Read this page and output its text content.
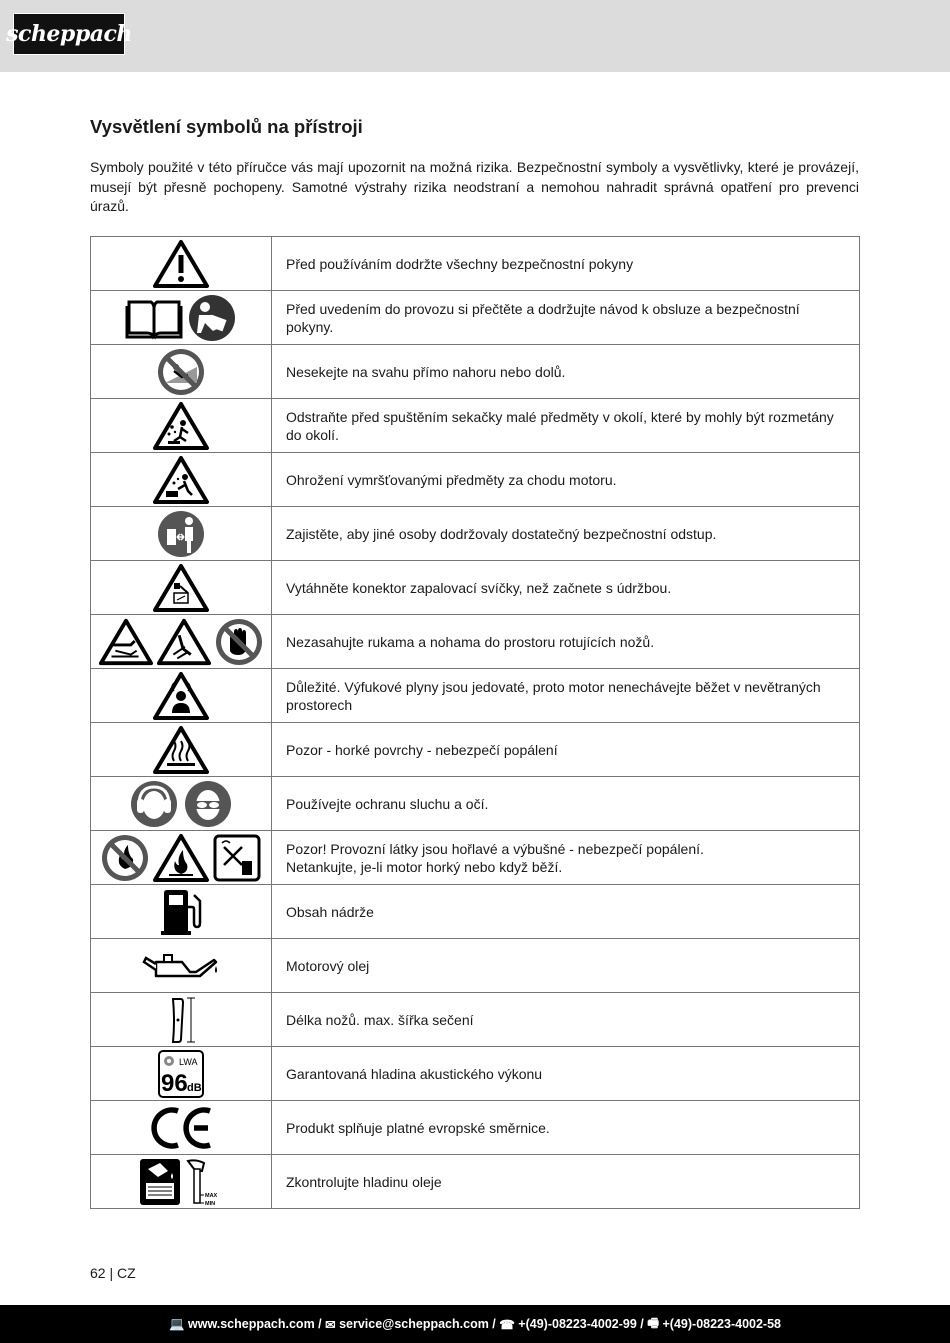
scheppach
Vysvětlení symbolů na přístroji

Symboly použité v této příručce vás mají upozornit na možná rizika. Bezpečnostní symboly a vysvětlivky, které je provázejí, musejí být přesně pochopeny. Samotné výstrahy rizika neodstraní a nemohou nahradit správná opatření pro prevenci úrazů.

	Před používáním dodržte všechny bezpečnostní pokyny

	Před uvedením do provozu si přečtěte a dodržujte návod k obsluze a bezpečnostní pokyny.

	Nesekejte na svahu přímo nahoru nebo dolů.

	Odstraňte před spuštěním sekačky malé předměty v okolí, které by mohly být rozmetány do okolí.

	Ohrožení vymršťovanými předměty za chodu motoru.

	Zajistěte, aby jiné osoby dodržovaly dostatečný bezpečnostní odstup.

	Vytáhněte konektor zapalovací svíčky, než začnete s údržbou.

	Nezasahujte rukama a nohama do prostoru rotujících nožů.

	Důležité. Výfukové plyny jsou jedovaté, proto motor nenechávejte běžet v nevětraných prostorech

	Pozor - horké povrchy - nebezpečí popálení

	Používejte ochranu sluchu a očí.

Pozor! Provozní látky jsou hořlavé a výbušné - nebezpečí popálení.
Netankujte, je-li motor horký nebo když běží.

	Obsah nádrže

	Motorový olej

	Délka nožů. max. šířka sečení

LWA
96 dB	Garantovaná hladina akustického výkonu

	Produkt splňuje platné evropské směrnice.

MAX
MIN	Zkontrolujte hladinu oleje
62 | CZ
💻 www.scheppach.com / ✉ service@scheppach.com / ☎ +(49)-08223-4002-99 / 🖷 +(49)-08223-4002-58
